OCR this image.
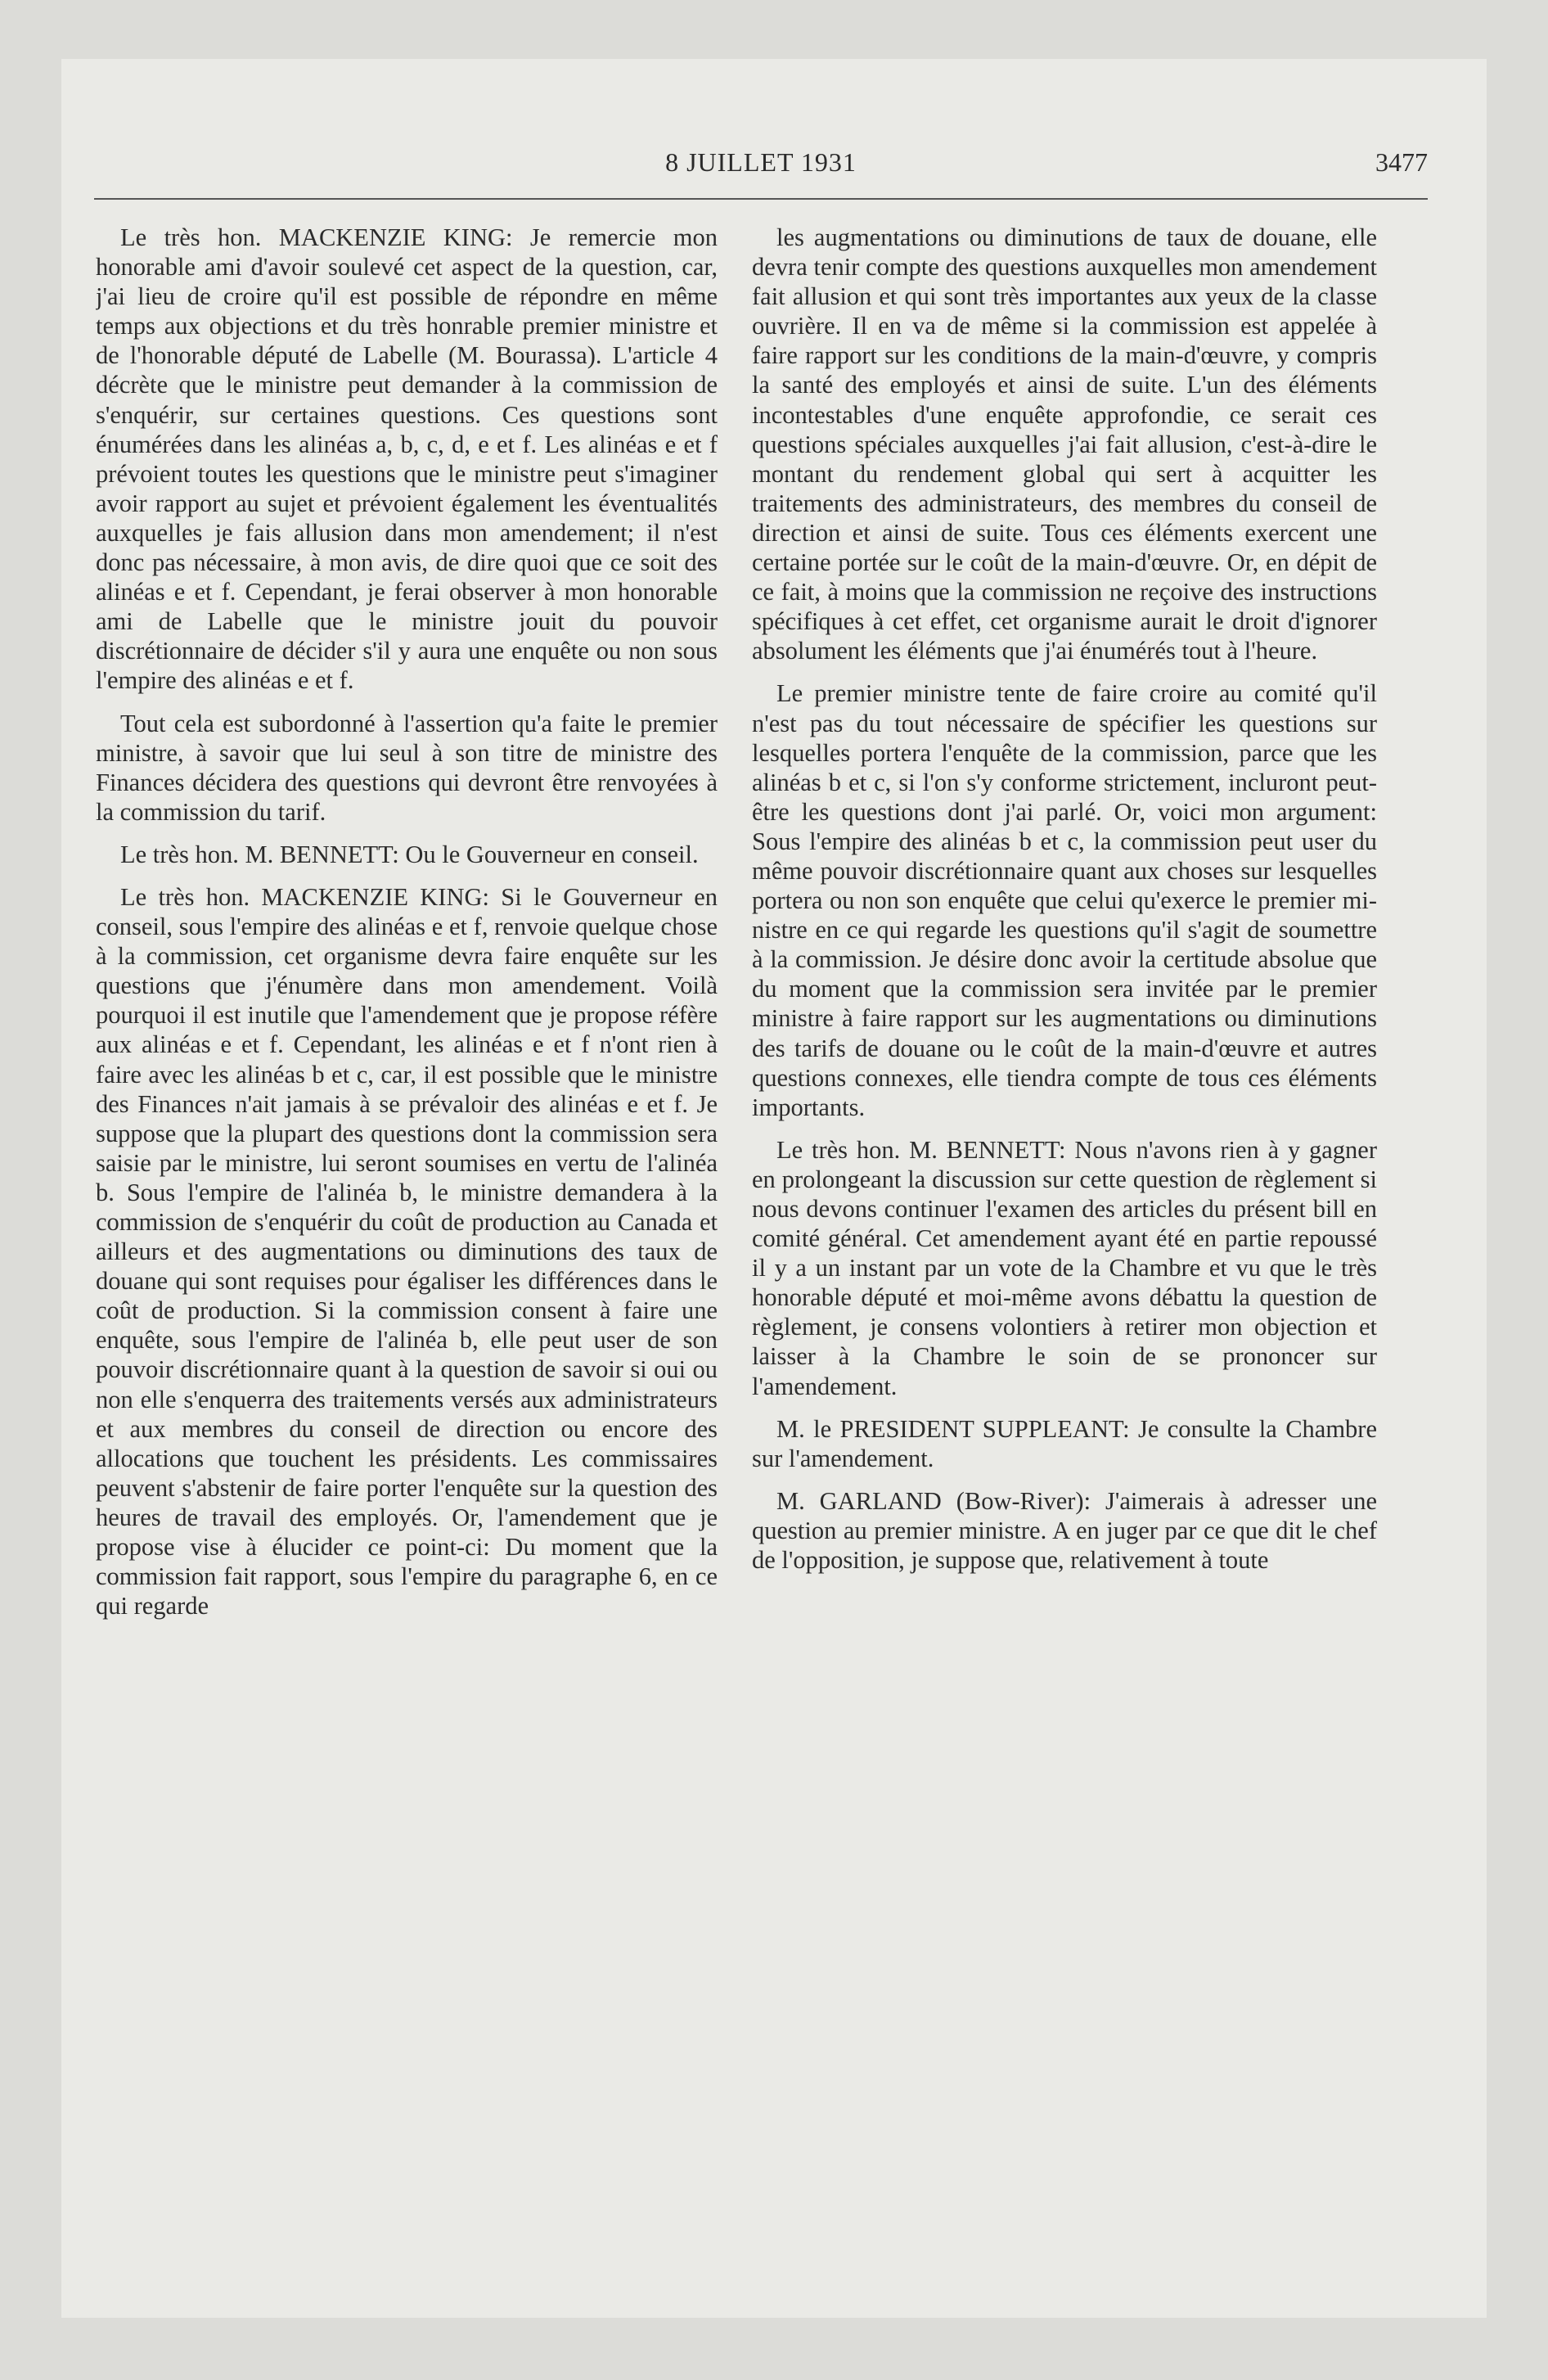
8 JUILLET 1931	3477

Le très hon. MACKENZIE KING: Je remercie mon honorable ami d'avoir soulevé cet aspect de la question, car, j'ai lieu de croire qu'il est possible de répondre en même temps aux objections et du très honrable premier ministre et de l'honorable député de Labelle (M. Bourassa). L'article 4 décrète que le ministre peut demander à la commission de s'enquérir, sur certaines questions. Ces questions sont énumérées dans les alinéas a, b, c, d, e et f. Les alinéas e et f prévoient toutes les questions que le ministre peut s'imaginer avoir rapport au sujet et prévoient également les éventualités auxquelles je fais allusion dans mon amendement; il n'est donc pas nécessaire, à mon avis, de dire quoi que ce soit des alinéas e et f. Cependant, je ferai observer à mon honorable ami de Labelle que le ministre jouit du pouvoir discrétionnaire de décider s'il y aura une enquête ou non sous l'empire des alinéas e et f.

Tout cela est subordonné à l'assertion qu'a faite le premier ministre, à savoir que lui seul à son titre de ministre des Finances décidera des questions qui devront être renvoyées à la commission du tarif.

Le très hon. M. BENNETT: Ou le Gouverneur en conseil.

Le très hon. MACKENZIE KING: Si le Gouverneur en conseil, sous l'empire des alinéas e et f, renvoie quelque chose à la commission, cet organisme devra faire enquête sur les questions que j'énumère dans mon amendement. Voilà pourquoi il est inutile que l'amendement que je propose réfère aux alinéas e et f. Cependant, les alinéas e et f n'ont rien à faire avec les alinéas b et c, car, il est possible que le ministre des Finances n'ait jamais à se prévaloir des alinéas e et f. Je suppose que la plupart des questions dont la commission sera saisie par le ministre, lui seront soumises en vertu de l'alinéa b. Sous l'empire de l'alinéa b, le ministre demandera à la commission de s'enquérir du coût de production au Canada et ailleurs et des augmentations ou diminutions des taux de douane qui sont requises pour égaliser les différences dans le coût de production. Si la commission consent à faire une enquête, sous l'empire de l'alinéa b, elle peut user de son pouvoir discrétionnaire quant à la question de savoir si oui ou non elle s'enquerra des traitements versés aux administrateurs et aux membres du conseil de direction ou encore des allocations que touchent les présidents. Les commissaires peuvent s'abstenir de faire porter l'enquête sur la question des heures de travail des employés. Or, l'amendement que je propose vise à élucider ce point-ci: Du moment que la commission fait rapport, sous l'empire du paragraphe 6, en ce qui regarde

les augmentations ou diminutions de taux de douane, elle devra tenir compte des questions auxquelles mon amendement fait allusion et qui sont très importantes aux yeux de la classe ouvrière. Il en va de même si la commission est appelée à faire rapport sur les conditions de la main-d'œuvre, y compris la santé des employés et ainsi de suite. L'un des éléments incontestables d'une enquête approfondie, ce serait ces questions spéciales auxquelles j'ai fait allusion, c'est-à-dire le montant du rendement global qui sert à acquitter les traitements des administrateurs, des membres du conseil de direction et ainsi de suite. Tous ces éléments exercent une certaine portée sur le coût de la main-d'œuvre. Or, en dépit de ce fait, à moins que la commission ne reçoive des instructions spécifiques à cet effet, cet organisme aurait le droit d'ignorer absolument les éléments que j'ai énumérés tout à l'heure.

Le premier ministre tente de faire croire au comité qu'il n'est pas du tout nécessaire de spécifier les questions sur lesquelles portera l'enquête de la commission, parce que les alinéas b et c, si l'on s'y conforme strictement, incluront peut-être les questions dont j'ai parlé. Or, voici mon argument: Sous l'empire des alinéas b et c, la commission peut user du même pouvoir discrétionnaire quant aux choses sur lesquelles portera ou non son enquête que celui qu'exerce le premier ministre en ce qui regarde les questions qu'il s'agit de soumettre à la commission. Je désire donc avoir la certitude absolue que du moment que la commission sera invitée par le premier ministre à faire rapport sur les augmentations ou diminutions des tarifs de douane ou le coût de la main-d'œuvre et autres questions connexes, elle tiendra compte de tous ces éléments importants.

Le très hon. M. BENNETT: Nous n'avons rien à y gagner en prolongeant la discussion sur cette question de règlement si nous devons continuer l'examen des articles du présent bill en comité général. Cet amendement ayant été en partie repoussé il y a un instant par un vote de la Chambre et vu que le très honorable député et moi-même avons débattu la question de règlement, je consens volontiers à retirer mon objection et laisser à la Chambre le soin de se prononcer sur l'amendement.

M. le PRESIDENT SUPPLEANT: Je consulte la Chambre sur l'amendement.

M. GARLAND (Bow-River): J'aimerais à adresser une question au premier ministre. A en juger par ce que dit le chef de l'opposition, je suppose que, relativement à toute
